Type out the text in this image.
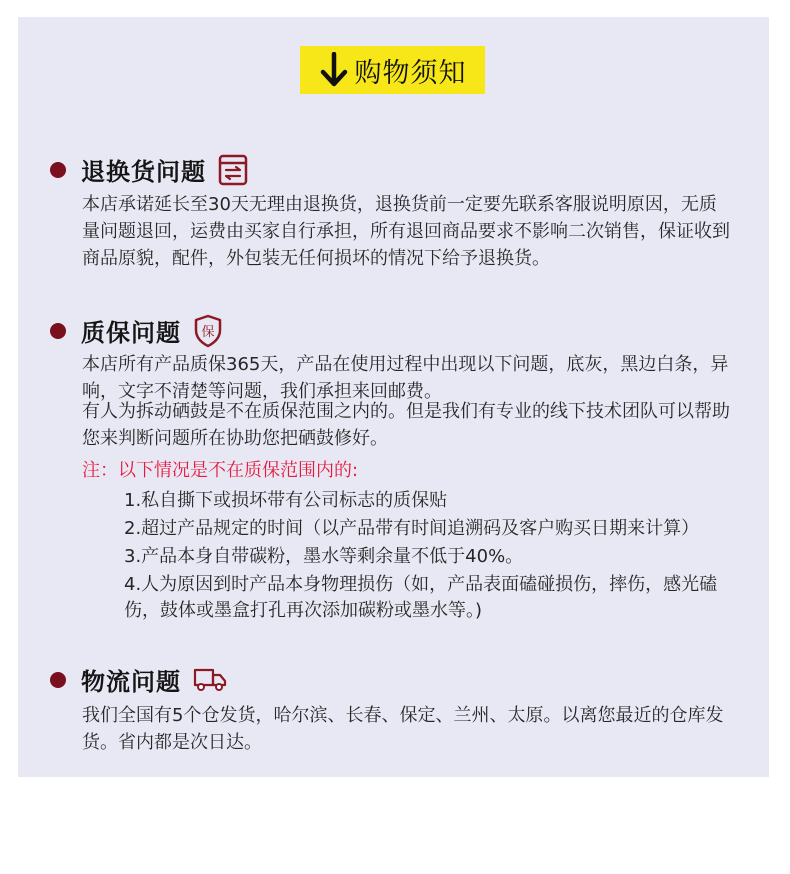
购物须知
退换货问题

本店承诺延长至30天无理由退换货，退换货前一定要先联系客服说明原因，无质量问题退回，运费由买家自行承担，所有退回商品要求不影响二次销售，保证收到商品原貌，配件，外包装无任何损坏的情况下给予退换货。

质保问题 保

本店所有产品质保365天，产品在使用过程中出现以下问题，底灰，黑边白条，异响，文字不清楚等问题，我们承担来回邮费。

有人为拆动硒鼓是不在质保范围之内的。但是我们有专业的线下技术团队可以帮助您来判断问题所在协助您把硒鼓修好。

注：以下情况是不在质保范围内的:
1.私自撕下或损坏带有公司标志的质保贴
2.超过产品规定的时间（以产品带有时间追溯码及客户购买日期来计算）
3.产品本身自带碳粉，墨水等剩余量不低于40%。
4.人为原因到时产品本身物理损伤（如，产品表面磕碰损伤，摔伤，感光磕伤，鼓体或墨盒打孔再次添加碳粉或墨水等。)
物流问题

我们全国有5个仓发货，哈尔滨、长春、保定、兰州、太原。以离您最近的仓库发货。省内都是次日达。
